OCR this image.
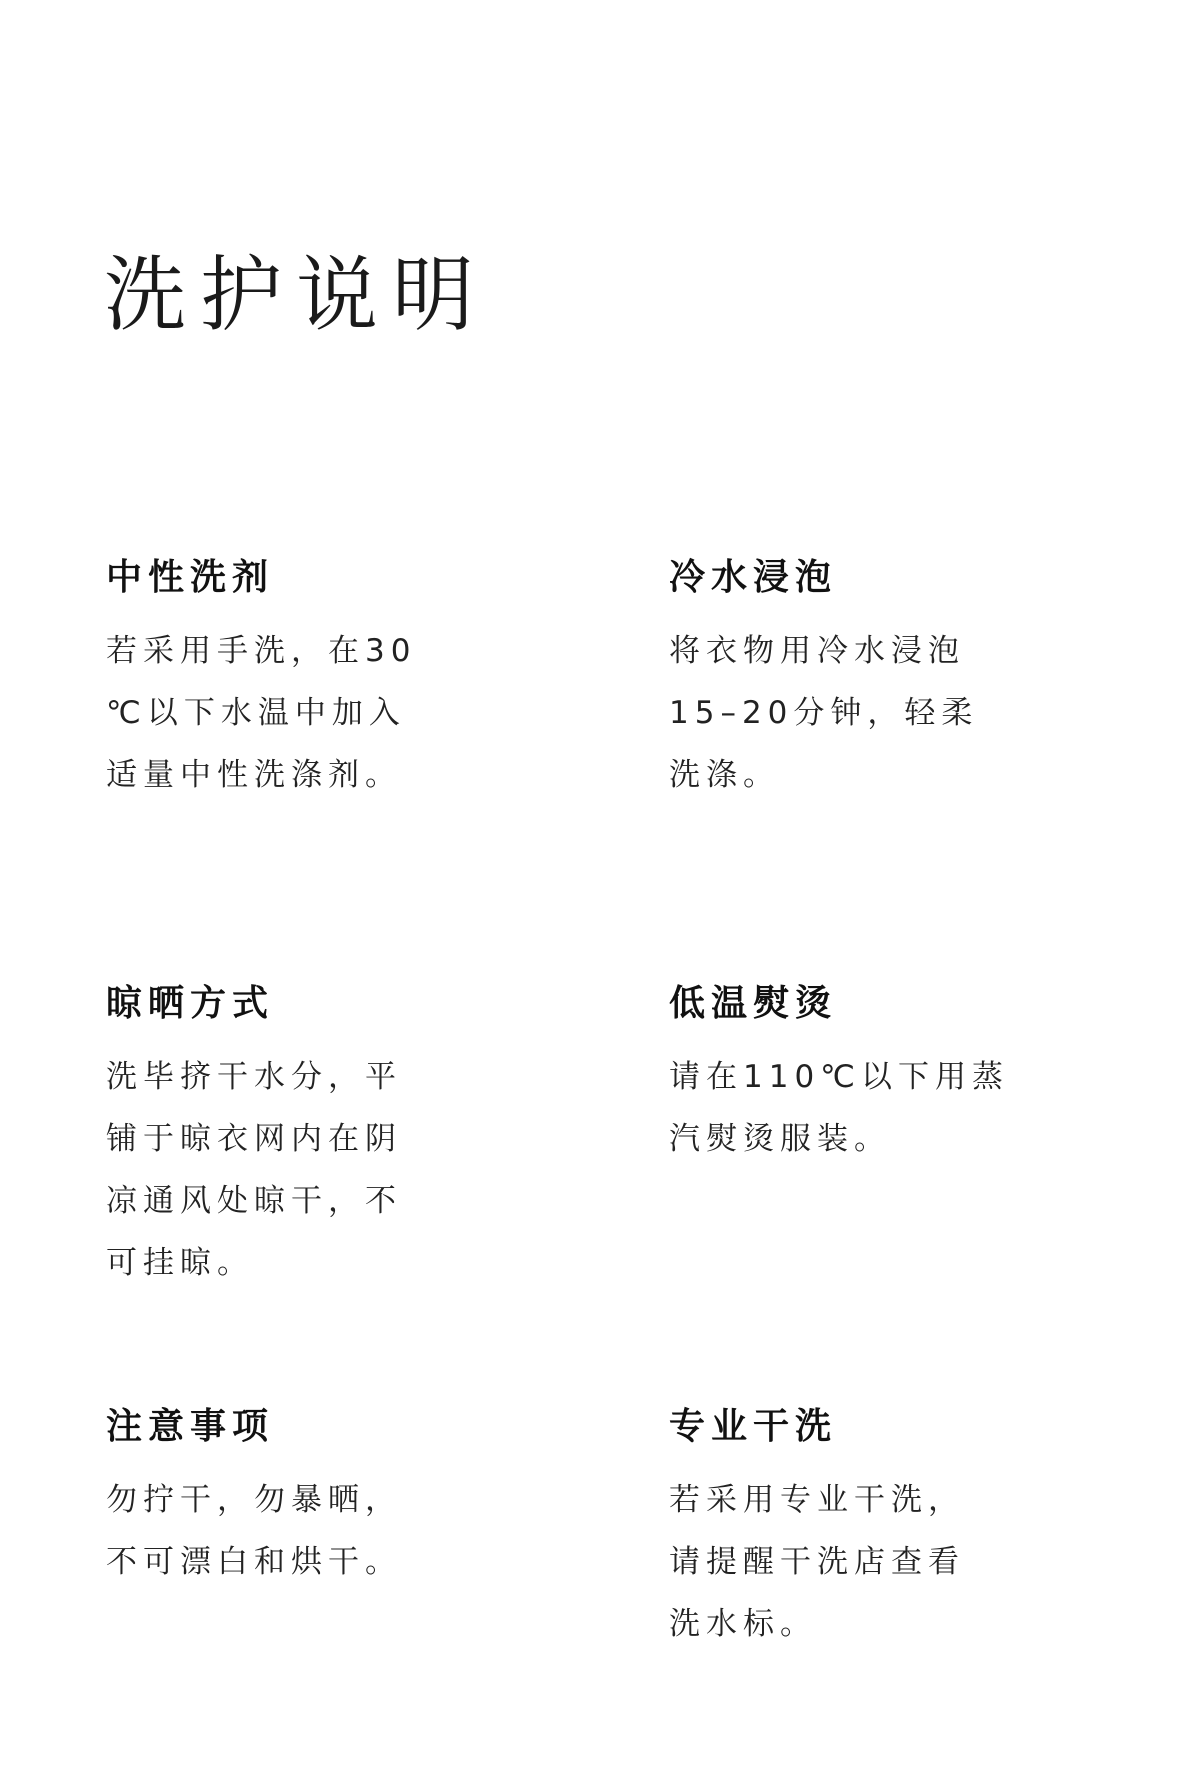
洗护说明
中性洗剂

若采用手洗，在30
℃以下水温中加入
适量中性洗涤剂。

冷水浸泡

将衣物用冷水浸泡
15–20分钟，轻柔
洗涤。

晾晒方式

洗毕挤干水分，平
铺于晾衣网内在阴
凉通风处晾干，不
可挂晾。

低温熨烫

请在110℃以下用蒸
汽熨烫服装。

注意事项

勿拧干，勿暴晒，
不可漂白和烘干。

专业干洗

若采用专业干洗，
请提醒干洗店查看
洗水标。
